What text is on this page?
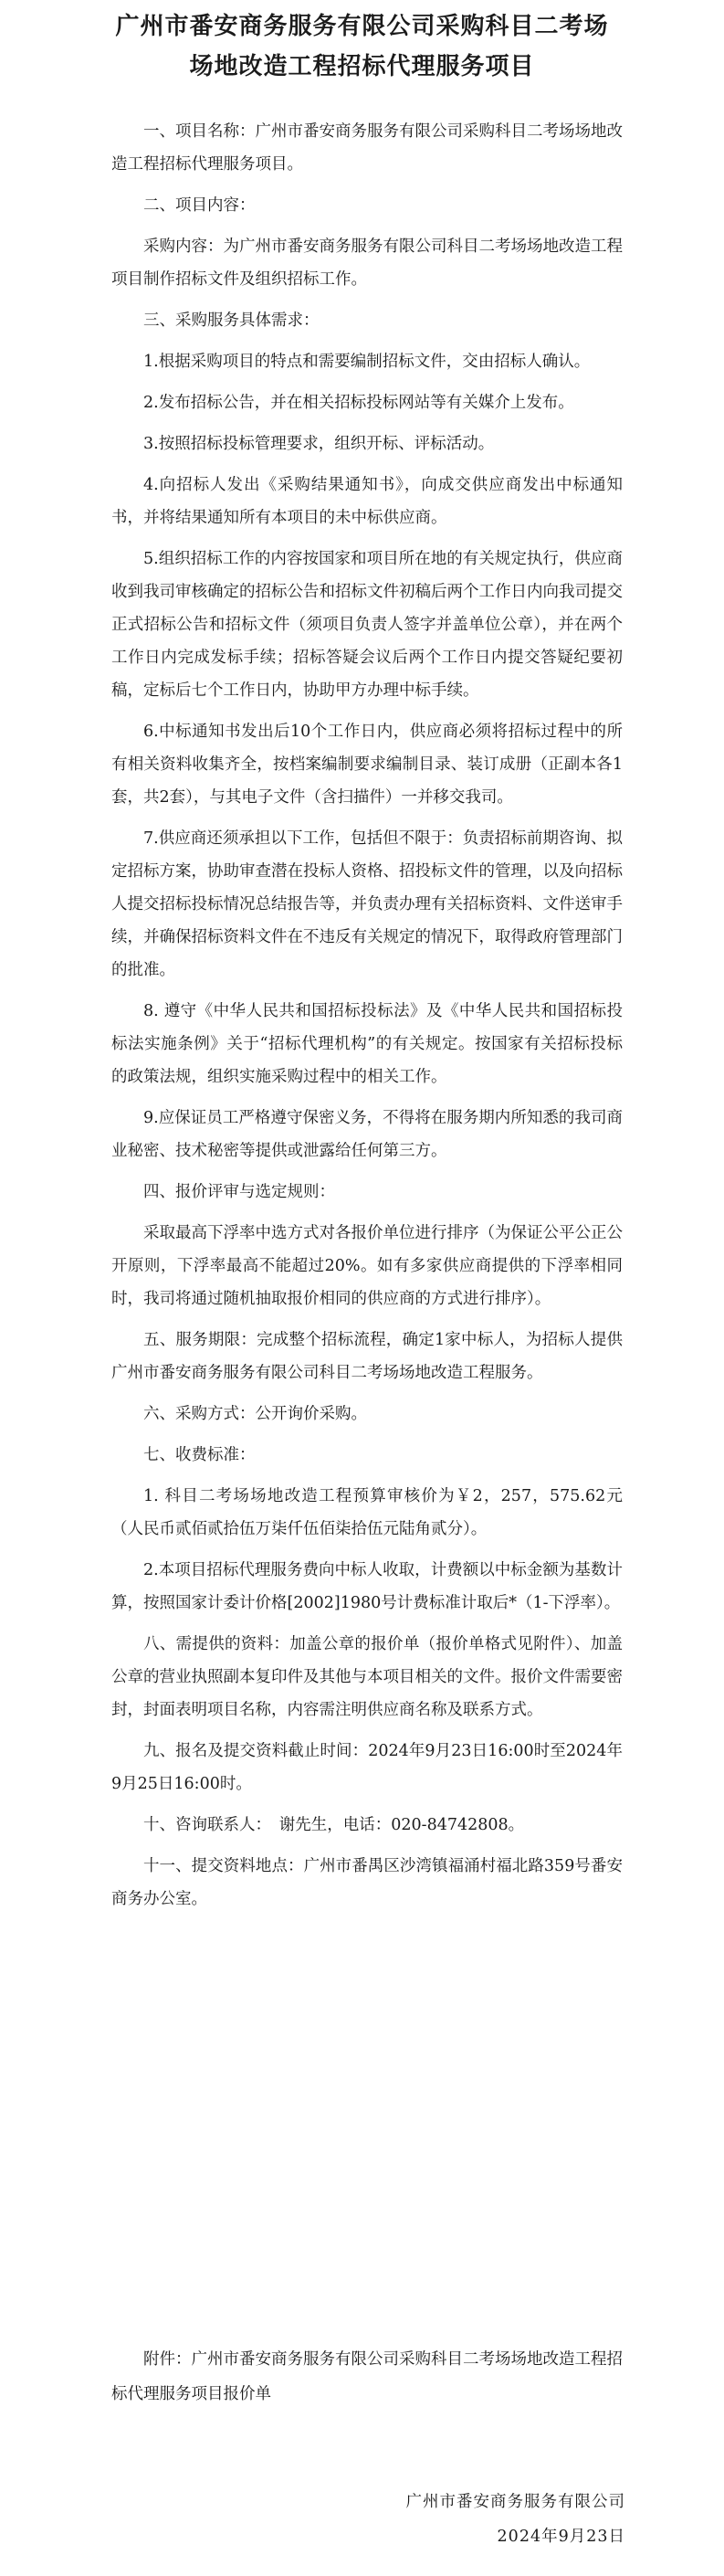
广州市番安商务服务有限公司采购科目二考场
场地改造工程招标代理服务项目

一、项目名称：广州市番安商务服务有限公司采购科目二考场场地改造工程招标代理服务项目。

二、项目内容：

采购内容：为广州市番安商务服务有限公司科目二考场场地改造工程项目制作招标文件及组织招标工作。

三、采购服务具体需求：

1.根据采购项目的特点和需要编制招标文件，交由招标人确认。

2.发布招标公告，并在相关招标投标网站等有关媒介上发布。

3.按照招标投标管理要求，组织开标、评标活动。

4.向招标人发出《采购结果通知书》，向成交供应商发出中标通知书，并将结果通知所有本项目的未中标供应商。

5.组织招标工作的内容按国家和项目所在地的有关规定执行，供应商收到我司审核确定的招标公告和招标文件初稿后两个工作日内向我司提交正式招标公告和招标文件（须项目负责人签字并盖单位公章），并在两个工作日内完成发标手续；招标答疑会议后两个工作日内提交答疑纪要初稿，定标后七个工作日内，协助甲方办理中标手续。

6.中标通知书发出后10个工作日内，供应商必须将招标过程中的所有相关资料收集齐全，按档案编制要求编制目录、装订成册（正副本各1套，共2套），与其电子文件（含扫描件）一并移交我司。

7.供应商还须承担以下工作，包括但不限于：负责招标前期咨询、拟定招标方案，协助审查潜在投标人资格、招投标文件的管理，以及向招标人提交招标投标情况总结报告等，并负责办理有关招标资料、文件送审手续，并确保招标资料文件在不违反有关规定的情况下，取得政府管理部门的批准。

8. 遵守《中华人民共和国招标投标法》及《中华人民共和国招标投标法实施条例》关于“招标代理机构”的有关规定。按国家有关招标投标的政策法规，组织实施采购过程中的相关工作。

9.应保证员工严格遵守保密义务，不得将在服务期内所知悉的我司商业秘密、技术秘密等提供或泄露给任何第三方。

四、报价评审与选定规则：

采取最高下浮率中选方式对各报价单位进行排序（为保证公平公正公开原则，下浮率最高不能超过20%。如有多家供应商提供的下浮率相同时，我司将通过随机抽取报价相同的供应商的方式进行排序）。

五、服务期限：完成整个招标流程，确定1家中标人，为招标人提供广州市番安商务服务有限公司科目二考场场地改造工程服务。

六、采购方式：公开询价采购。

七、收费标准：

1. 科目二考场场地改造工程预算审核价为￥2，257，575.62元（人民币贰佰贰拾伍万柒仟伍佰柒拾伍元陆角贰分）。

2.本项目招标代理服务费向中标人收取，计费额以中标金额为基数计算，按照国家计委计价格[2002]1980号计费标准计取后*（1-下浮率）。

八、需提供的资料：加盖公章的报价单（报价单格式见附件）、加盖公章的营业执照副本复印件及其他与本项目相关的文件。报价文件需要密封，封面表明项目名称，内容需注明供应商名称及联系方式。

九、报名及提交资料截止时间：2024年9月23日16:00时至2024年9月25日16:00时。

十、咨询联系人：　谢先生，电话：020-84742808。

十一、提交资料地点：广州市番禺区沙湾镇福涌村福北路359号番安商务办公室。

附件：广州市番安商务服务有限公司采购科目二考场场地改造工程招标代理服务项目报价单

广州市番安商务服务有限公司
2024年9月23日
